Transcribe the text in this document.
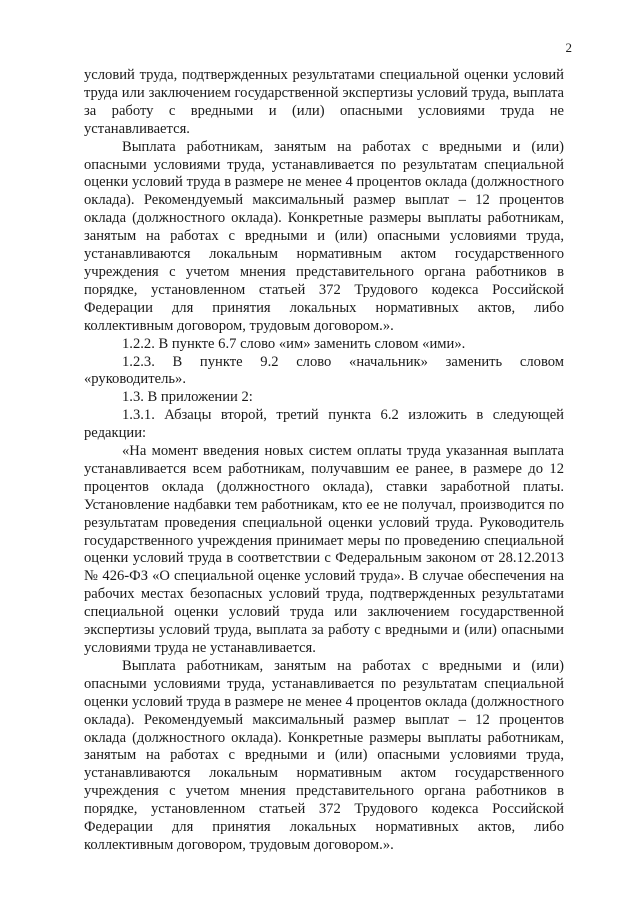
2

условий труда, подтвержденных результатами специальной оценки условий труда или заключением государственной экспертизы условий труда, выплата за работу с вредными и (или) опасными условиями труда не устанавливается.

Выплата работникам, занятым на работах с вредными и (или) опасными условиями труда, устанавливается по результатам специальной оценки условий труда в размере не менее 4 процентов оклада (должностного оклада). Рекомендуемый максимальный размер выплат – 12 процентов оклада (должностного оклада). Конкретные размеры выплаты работникам, занятым на работах с вредными и (или) опасными условиями труда, устанавливаются локальным нормативным актом государственного учреждения с учетом мнения представительного органа работников в порядке, установленном статьей 372 Трудового кодекса Российской Федерации для принятия локальных нормативных актов, либо коллективным договором, трудовым договором.».

1.2.2. В пункте 6.7 слово «им» заменить словом «ими».

1.2.3. В пункте 9.2 слово «начальник» заменить словом «руководитель».

1.3. В приложении 2:

1.3.1. Абзацы второй, третий пункта 6.2 изложить в следующей редакции:

«На момент введения новых систем оплаты труда указанная выплата устанавливается всем работникам, получавшим ее ранее, в размере до 12 процентов оклада (должностного оклада), ставки заработной платы. Установление надбавки тем работникам, кто ее не получал, производится по результатам проведения специальной оценки условий труда. Руководитель государственного учреждения принимает меры по проведению специальной оценки условий труда в соответствии с Федеральным законом от 28.12.2013 № 426-ФЗ «О специальной оценке условий труда». В случае обеспечения на рабочих местах безопасных условий труда, подтвержденных результатами специальной оценки условий труда или заключением государственной экспертизы условий труда, выплата за работу с вредными и (или) опасными условиями труда не устанавливается.

Выплата работникам, занятым на работах с вредными и (или) опасными условиями труда, устанавливается по результатам специальной оценки условий труда в размере не менее 4 процентов оклада (должностного оклада). Рекомендуемый максимальный размер выплат – 12 процентов оклада (должностного оклада). Конкретные размеры выплаты работникам, занятым на работах с вредными и (или) опасными условиями труда, устанавливаются локальным нормативным актом государственного учреждения с учетом мнения представительного органа работников в порядке, установленном статьей 372 Трудового кодекса Российской Федерации для принятия локальных нормативных актов, либо коллективным договором, трудовым договором.».
